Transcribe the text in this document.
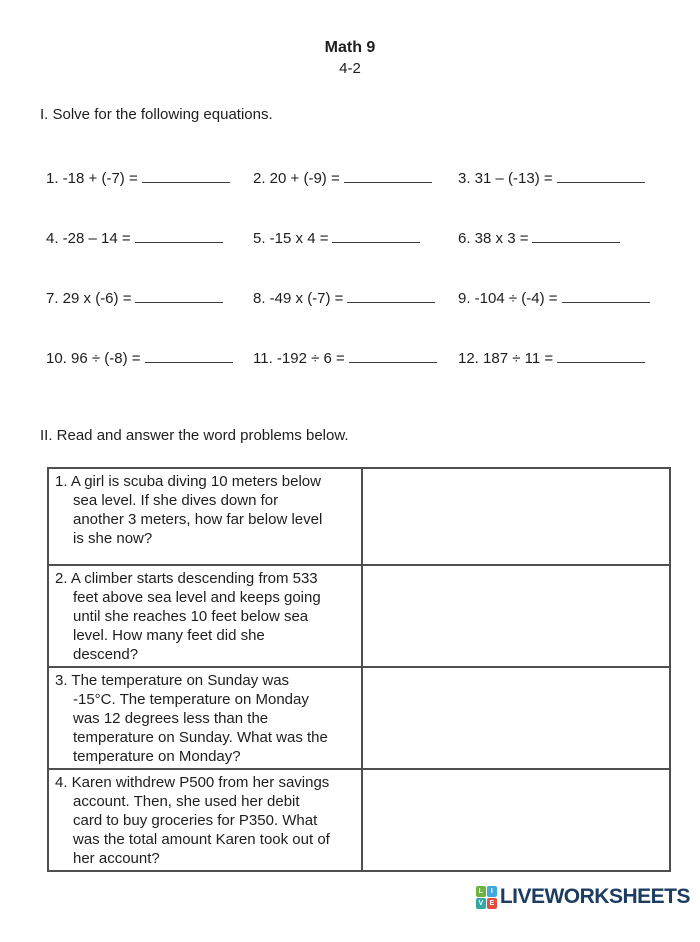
Math 9
4-2
I. Solve for the following equations.
1. -18 + (-7) =	2. 20 + (-9) =	3. 31 – (-13) =
4. -28 – 14 =	5. -15 x 4 =	6. 38 x 3 =
7. 29 x (-6) =	8. -49 x (-7) =	9. -104 ÷ (-4) =
10. 96 ÷ (-8) =	11. -192 ÷ 6 =	12. 187 ÷ 11 =
II. Read and answer the word problems below.
1. A girl is scuba diving 10 meters below
sea level. If she dives down for
another 3 meters, how far below level
is she now?	

2. A climber starts descending from 533
feet above sea level and keeps going
until she reaches 10 feet below sea
level. How many feet did she
descend?	

3. The temperature on Sunday was
-15°C. The temperature on Monday
was 12 degrees less than the
temperature on Sunday. What was the
temperature on Monday?	

4. Karen withdrew P500 from her savings
account. Then, she used her debit
card to buy groceries for P350. What
was the total amount Karen took out of
her account?	

L	I
V E LIVEWORKSHEETS
